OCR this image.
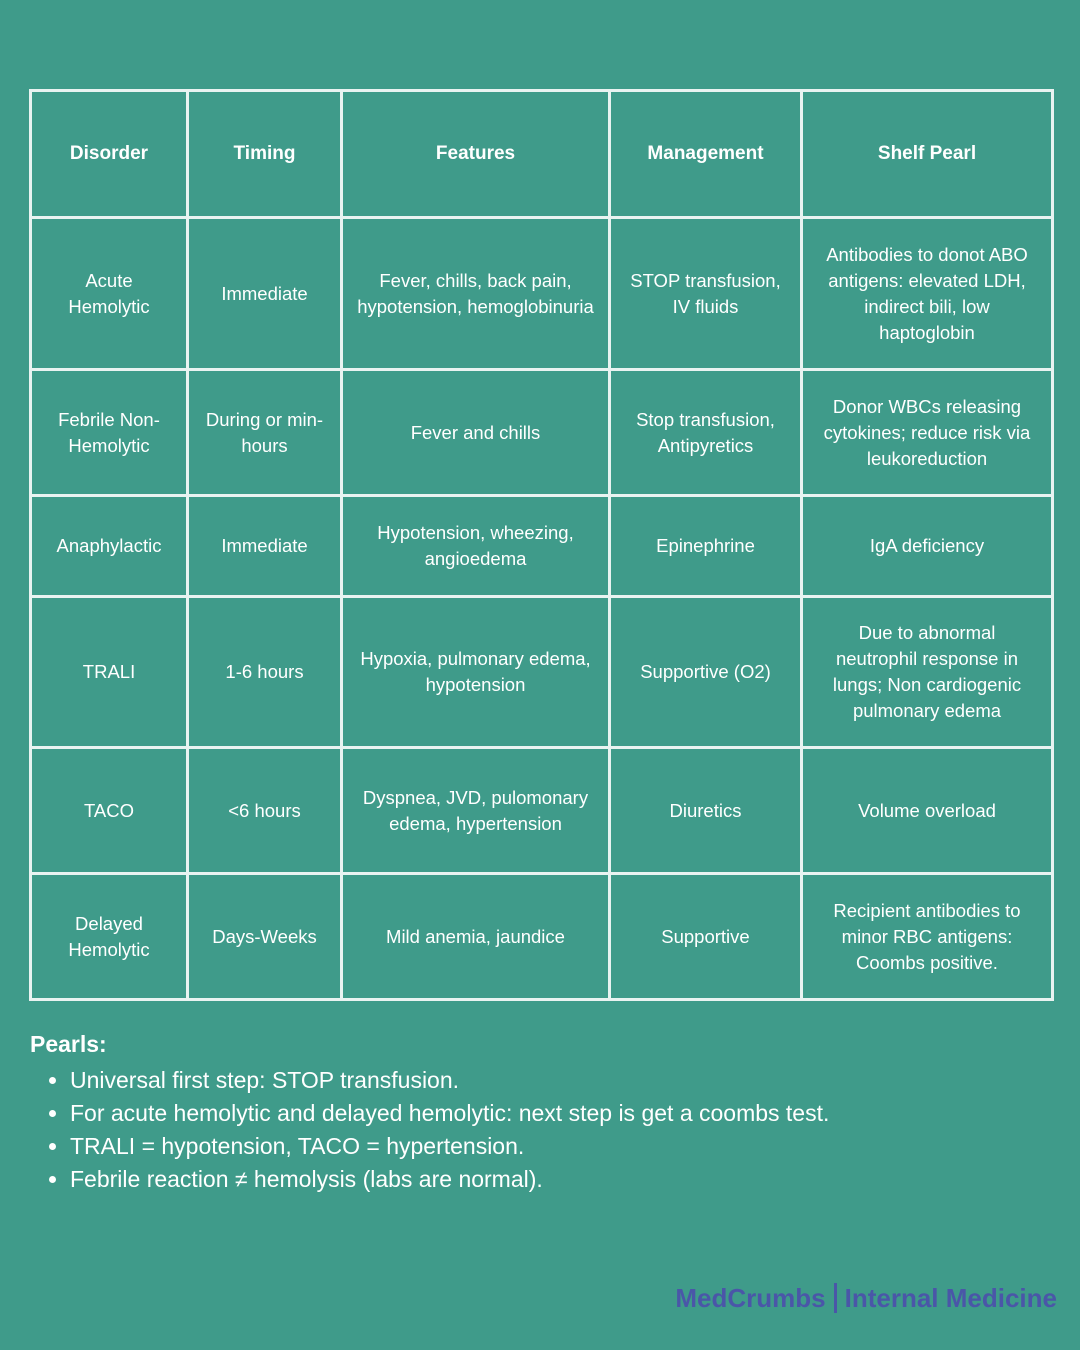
Disorder	Timing	Features	Management	Shelf Pearl
Acute Hemolytic	Immediate	Fever, chills, back pain, hypotension, hemoglobinuria	STOP transfusion, IV fluids	Antibodies to donot ABO antigens: elevated LDH, indirect bili, low haptoglobin
Febrile Non-Hemolytic	During or min-hours	Fever and chills	Stop transfusion, Antipyretics	Donor WBCs releasing cytokines; reduce risk via leukoreduction
Anaphylactic	Immediate	Hypotension, wheezing, angioedema	Epinephrine	IgA deficiency
TRALI	1-6 hours	Hypoxia, pulmonary edema, hypotension	Supportive (O2)	Due to abnormal neutrophil response in lungs; Non cardiogenic pulmonary edema
TACO	<6 hours	Dyspnea, JVD, pulomonary edema, hypertension	Diuretics	Volume overload
Delayed Hemolytic	Days-Weeks	Mild anemia, jaundice	Supportive	Recipient antibodies to minor RBC antigens: Coombs positive.
Pearls:
• Universal first step: STOP transfusion.
• For acute hemolytic and delayed hemolytic: next step is get a coombs test.
• TRALI = hypotension, TACO = hypertension.
• Febrile reaction ≠ hemolysis (labs are normal).
MedCrumbs Internal Medicine
